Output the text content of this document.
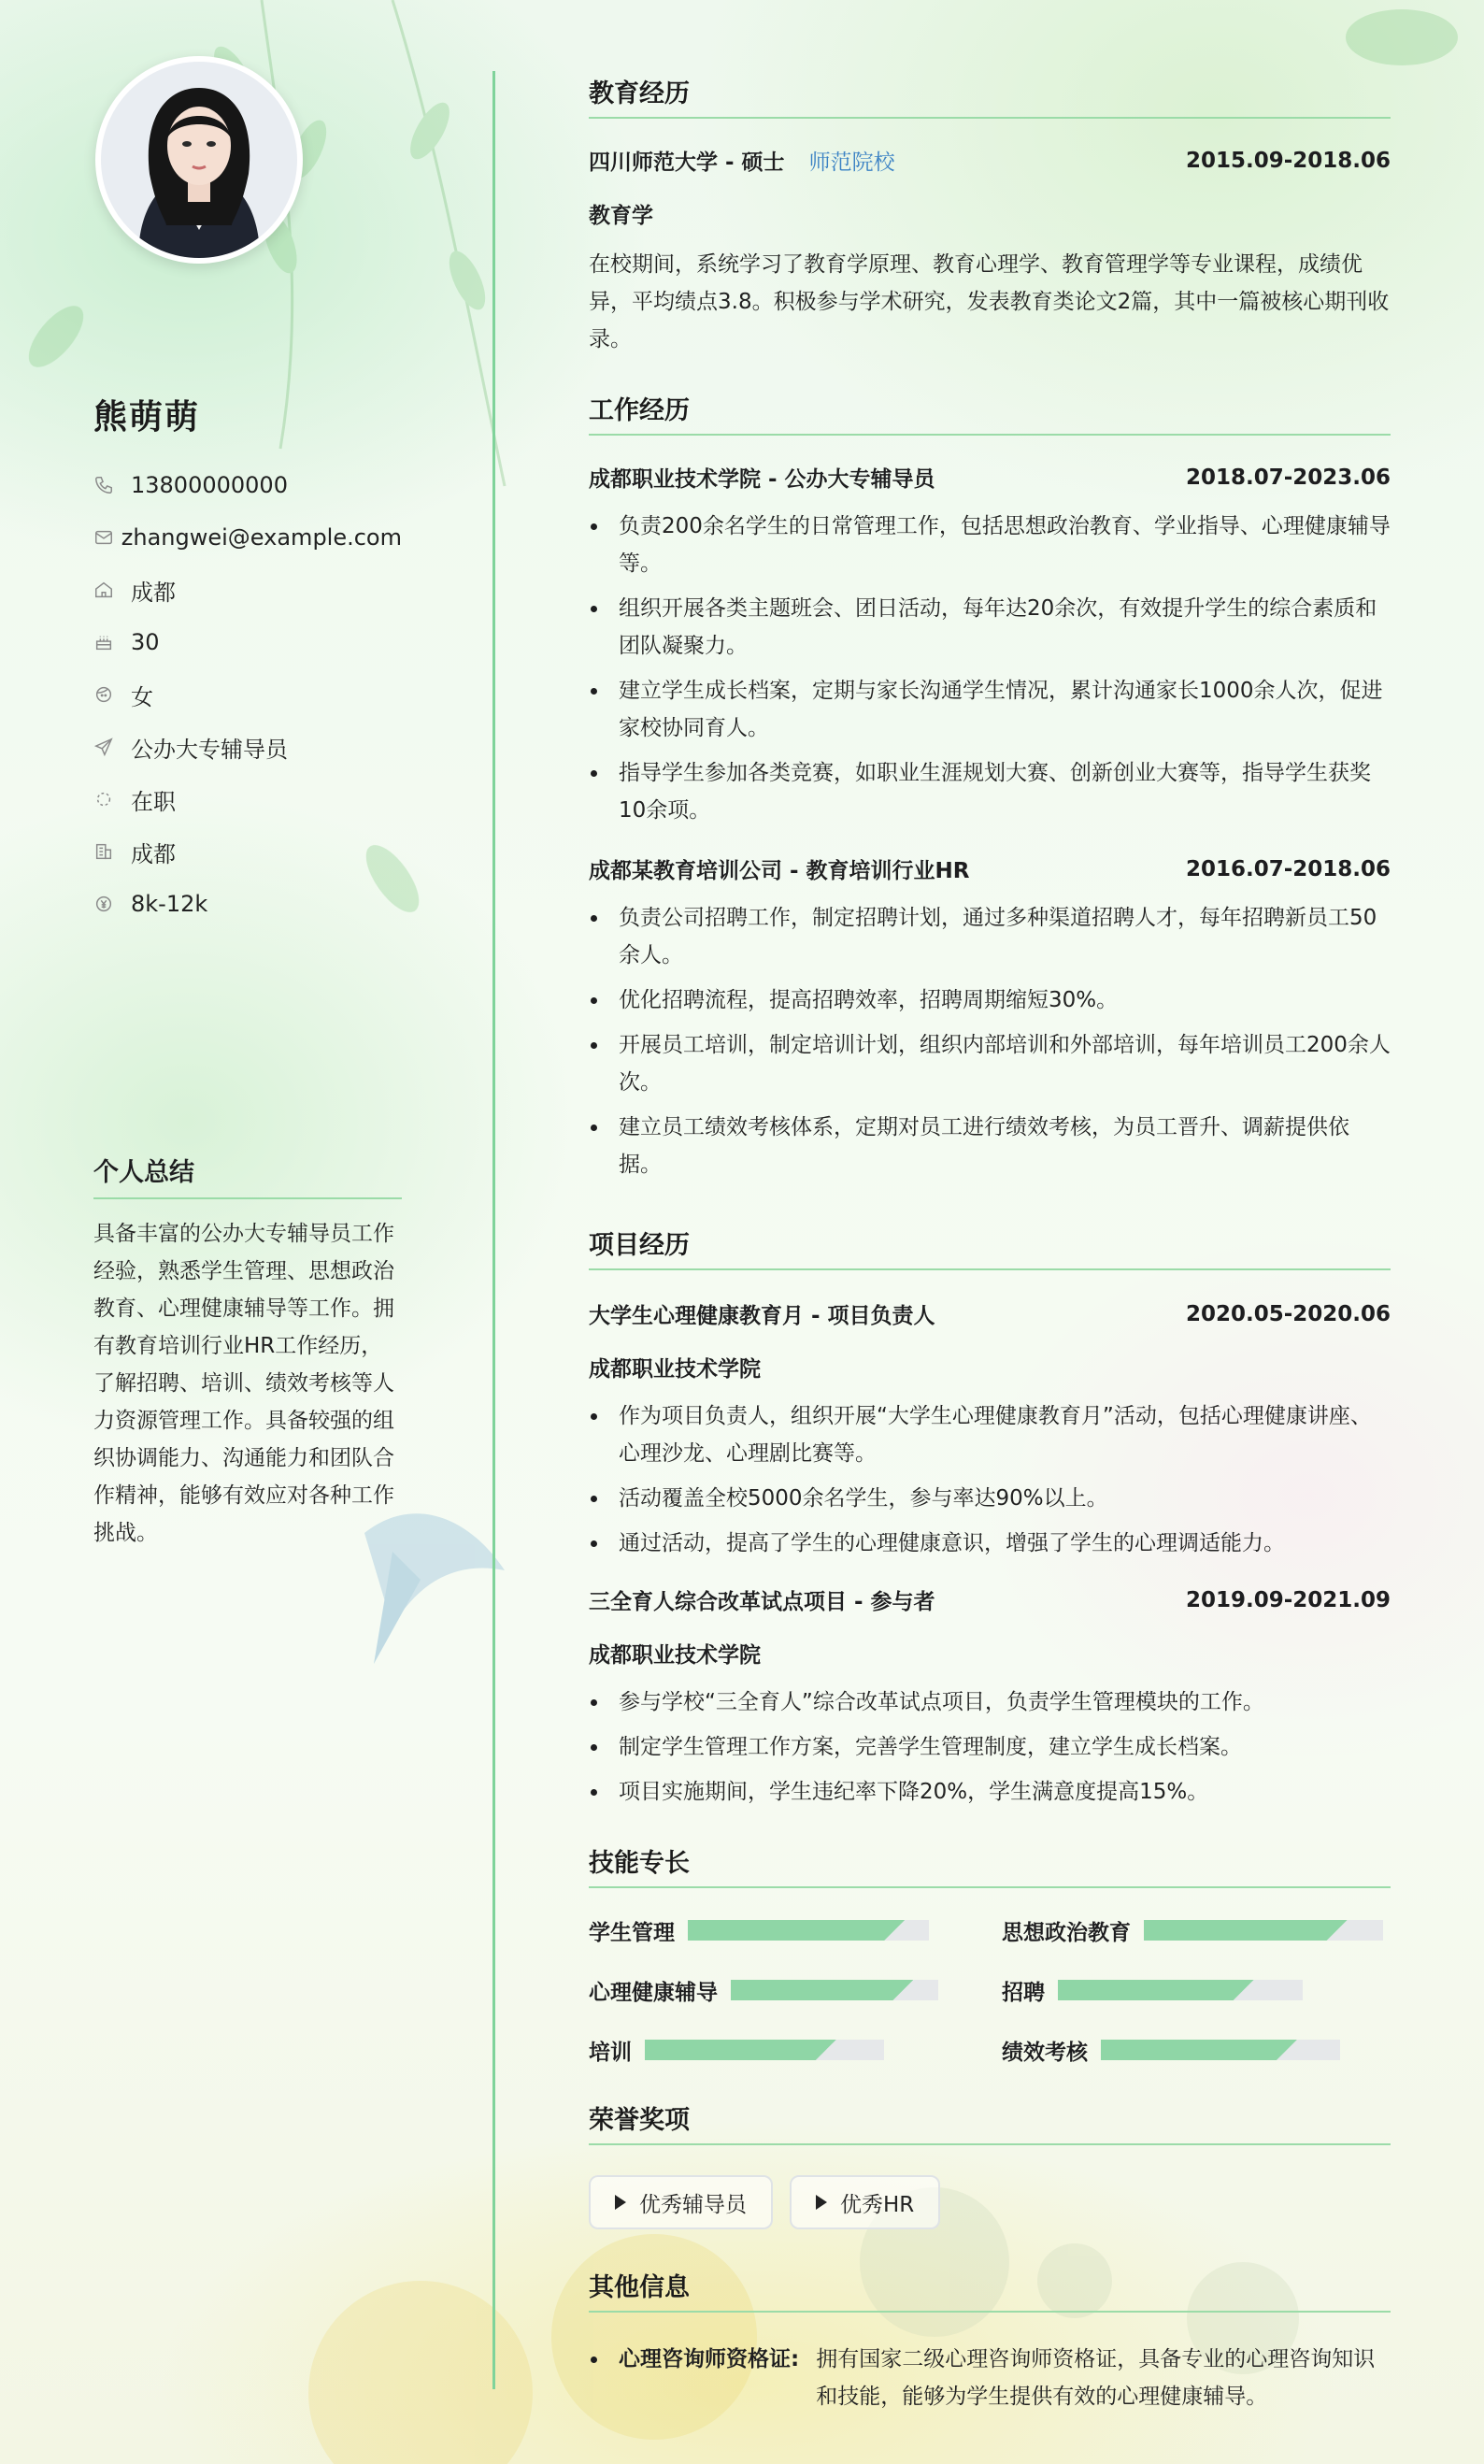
熊萌萌
13800000000
zhangwei@example.com
成都
30
女
公办大专辅导员
在职
成都
8k-12k
个人总结
具备丰富的公办大专辅导员工作经验，熟悉学生管理、思想政治教育、心理健康辅导等工作。拥有教育培训行业HR工作经历，了解招聘、培训、绩效考核等人力资源管理工作。具备较强的组织协调能力、沟通能力和团队合作精神，能够有效应对各种工作挑战。
教育经历
四川师范大学 - 硕士 师范院校	2015.09-2018.06
教育学
在校期间，系统学习了教育学原理、教育心理学、教育管理学等专业课程，成绩优异，平均绩点3.8。积极参与学术研究，发表教育类论文2篇，其中一篇被核心期刊收录。
工作经历
成都职业技术学院 - 公办大专辅导员	2018.07-2023.06
负责200余名学生的日常管理工作，包括思想政治教育、学业指导、心理健康辅导等。
组织开展各类主题班会、团日活动，每年达20余次，有效提升学生的综合素质和团队凝聚力。
建立学生成长档案，定期与家长沟通学生情况，累计沟通家长1000余人次，促进家校协同育人。
指导学生参加各类竞赛，如职业生涯规划大赛、创新创业大赛等，指导学生获奖10余项。
成都某教育培训公司 - 教育培训行业HR	2016.07-2018.06
负责公司招聘工作，制定招聘计划，通过多种渠道招聘人才，每年招聘新员工50余人。
优化招聘流程，提高招聘效率，招聘周期缩短30%。
开展员工培训，制定培训计划，组织内部培训和外部培训，每年培训员工200余人次。
建立员工绩效考核体系，定期对员工进行绩效考核，为员工晋升、调薪提供依据。
项目经历
大学生心理健康教育月 - 项目负责人	2020.05-2020.06
成都职业技术学院
作为项目负责人，组织开展“大学生心理健康教育月”活动，包括心理健康讲座、心理沙龙、心理剧比赛等。
活动覆盖全校5000余名学生，参与率达90%以上。
通过活动，提高了学生的心理健康意识，增强了学生的心理调适能力。
三全育人综合改革试点项目 - 参与者	2019.09-2021.09
成都职业技术学院
参与学校“三全育人”综合改革试点项目，负责学生管理模块的工作。
制定学生管理工作方案，完善学生管理制度，建立学生成长档案。
项目实施期间，学生违纪率下降20%，学生满意度提高15%。
技能专长
学生管理	思想政治教育
心理健康辅导	招聘
培训	绩效考核
荣誉奖项
优秀辅导员	优秀HR
其他信息
心理咨询师资格证: 拥有国家二级心理咨询师资格证，具备专业的心理咨询知识和技能，能够为学生提供有效的心理健康辅导。
